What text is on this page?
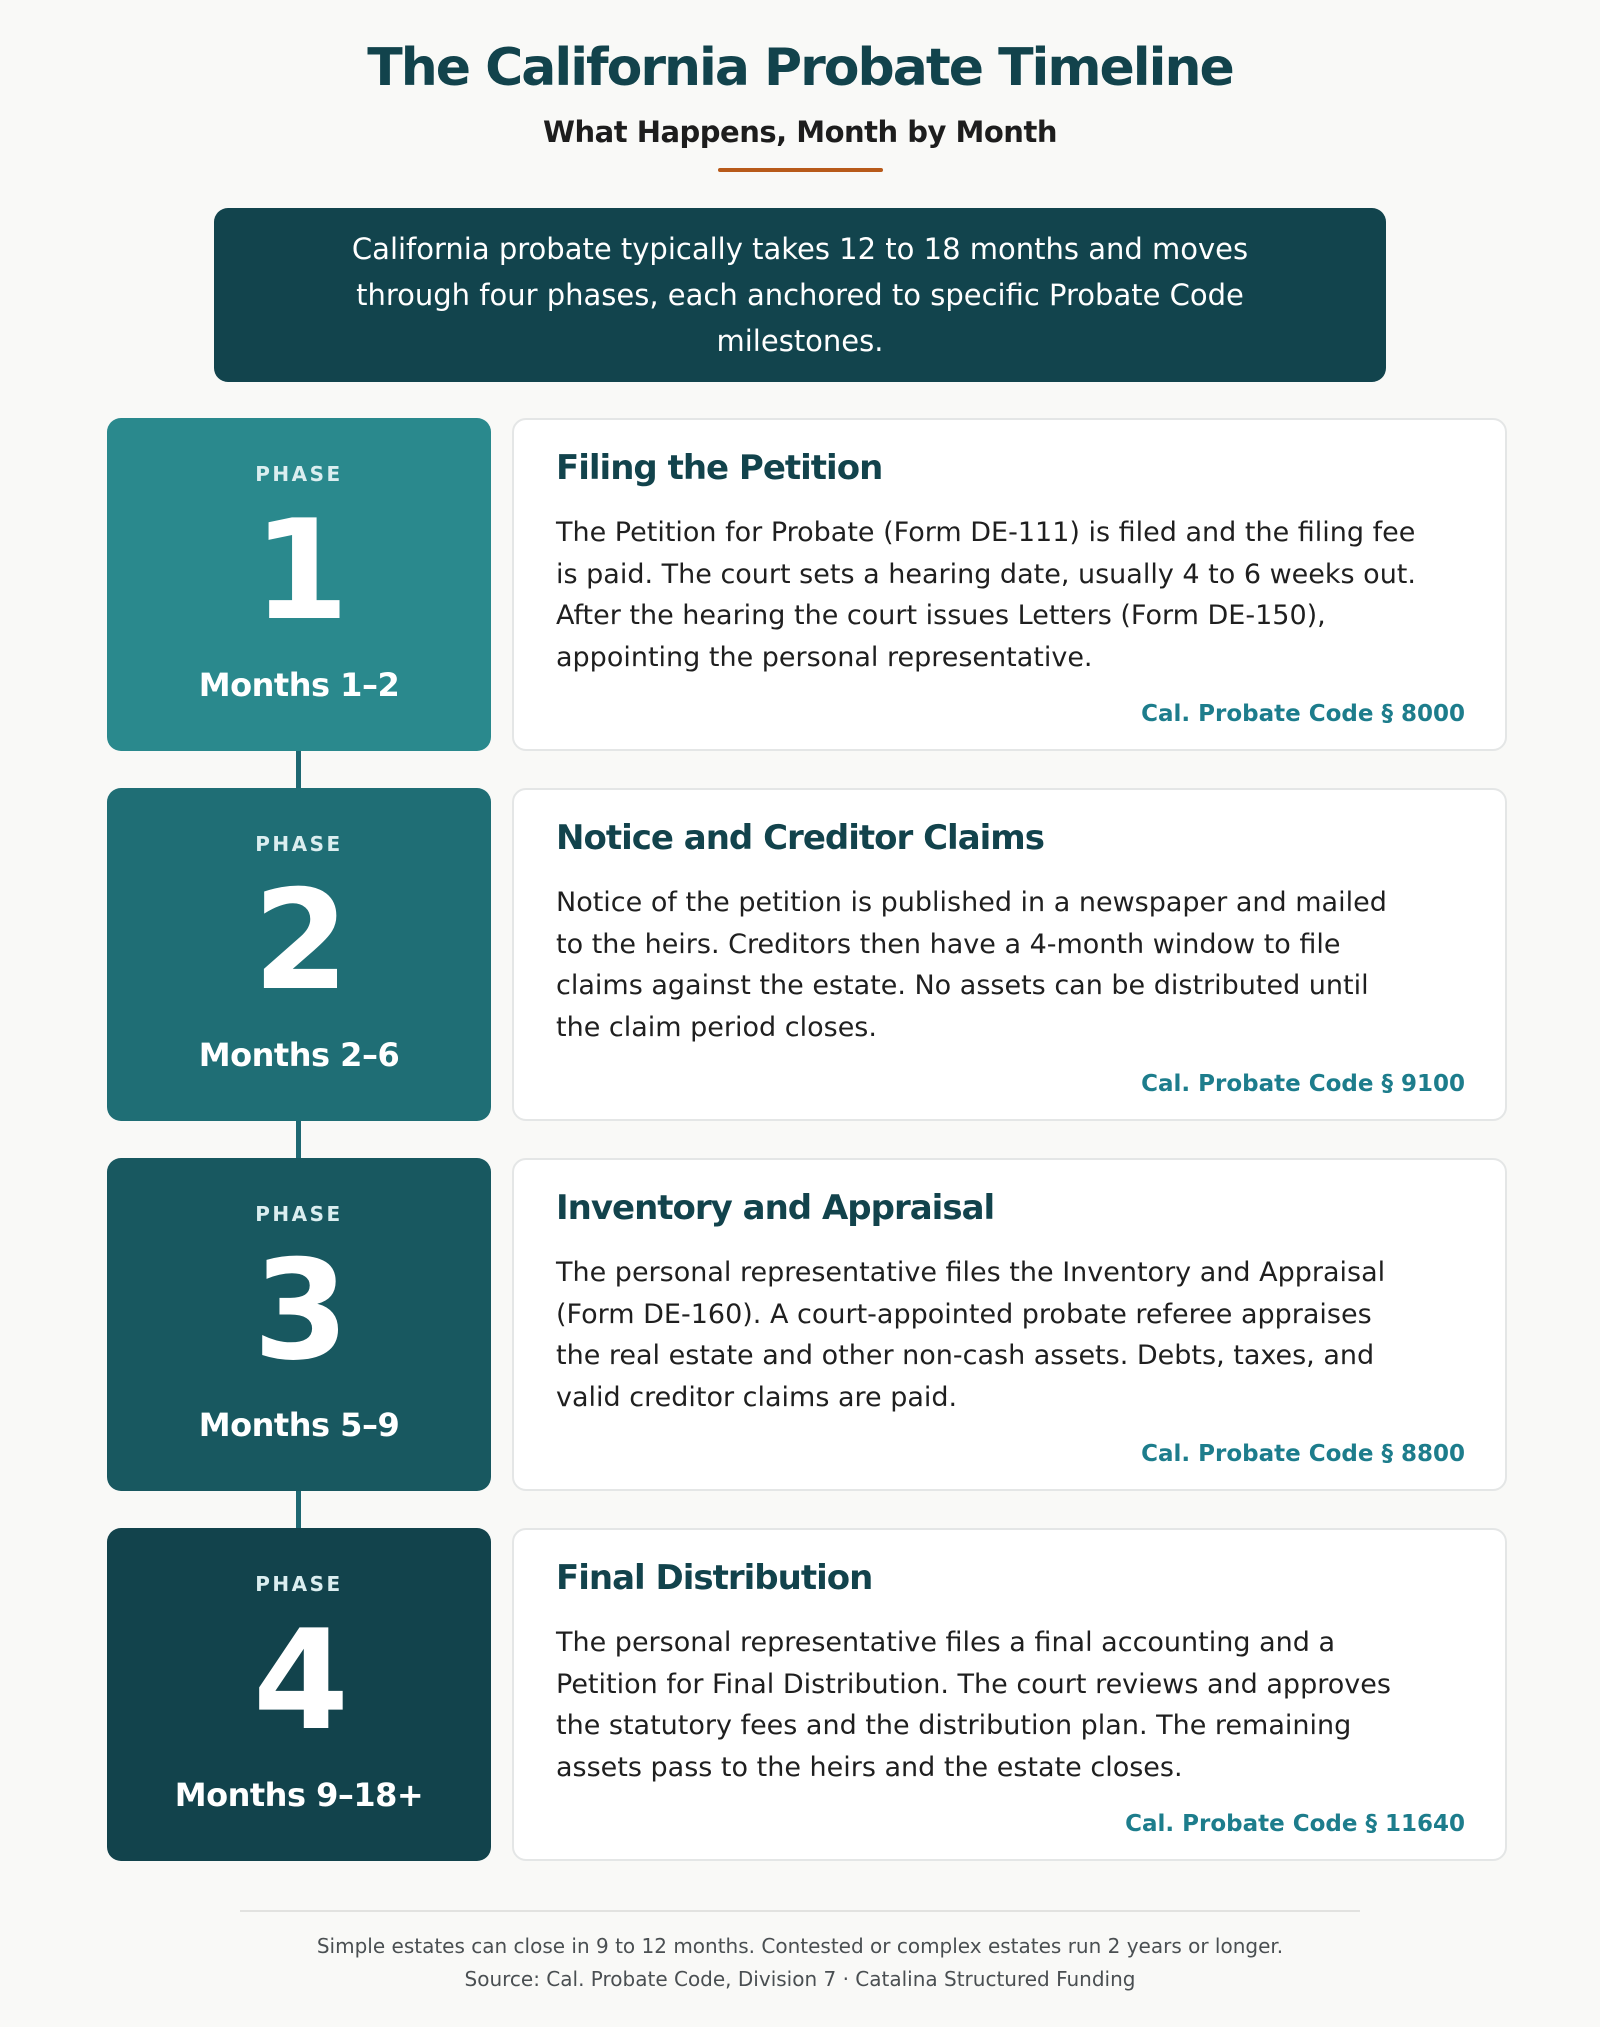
The California Probate Timeline
What Happens, Month by Month
California probate typically takes 12 to 18 months and moves through four phases, each anchored to specific Probate Code milestones.
PHASE
1
Months 1–2
Filing the Petition
The Petition for Probate (Form DE-111) is filed and the filing fee is paid. The court sets a hearing date, usually 4 to 6 weeks out. After the hearing the court issues Letters (Form DE-150), appointing the personal representative.
Cal. Probate Code § 8000
PHASE
2
Months 2–6
Notice and Creditor Claims
Notice of the petition is published in a newspaper and mailed to the heirs. Creditors then have a 4-month window to file claims against the estate. No assets can be distributed until the claim period closes.
Cal. Probate Code § 9100
PHASE
3
Months 5–9
Inventory and Appraisal
The personal representative files the Inventory and Appraisal (Form DE-160). A court-appointed probate referee appraises the real estate and other non-cash assets. Debts, taxes, and valid creditor claims are paid.
Cal. Probate Code § 8800
PHASE
4
Months 9–18+
Final Distribution
The personal representative files a final accounting and a Petition for Final Distribution. The court reviews and approves the statutory fees and the distribution plan. The remaining assets pass to the heirs and the estate closes.
Cal. Probate Code § 11640
Simple estates can close in 9 to 12 months. Contested or complex estates run 2 years or longer.
Source: Cal. Probate Code, Division 7 · Catalina Structured Funding
